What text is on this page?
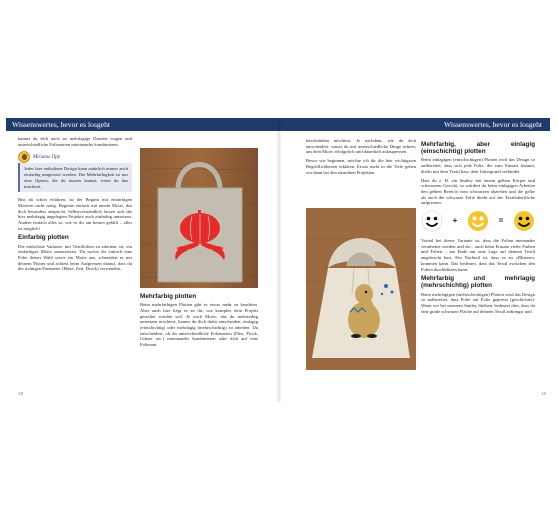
Wissenswertes, bevor es losgeht

kannst du dich auch an mehrlagige Dateien wagen und unterschiedliche Folienarten miteinander kombinieren.

Miriams Tipp
Jedes hier enthaltene Design kann natürlich immer auch einfarbig umgesetzt werden. Die Mehrfarbigkeit ist nur eine Option, die du nutzen kannst, wenn du das möchtest.

Bist du schon erfahren, ist der Beginn mit einfarbigen Motiven nicht nötig. Beginne einfach mit einem Motiv, das dich besonders anspricht. Selbstverständlich lassen sich die hier mehrlagig angelegten Projekte auch einfarbig umsetzen. Ändere einfach alles so, wie es dir am besten gefällt – alles ist möglich!

Einfarbig plotten

Die einfachste Variante, mit Textilfolien zu arbeiten, ist, ein einfarbiges Motiv umzusetzen. Du suchst dir einfach eine Folie deiner Wahl sowie ein Motiv aus, schneidest es mit deinem Plotter und achtest beim Aufpressen darauf, dass du die richtigen Parameter (Hitze, Zeit, Druck) verwendest.

Mehrfarbig plotten

Beim mehrfarbigen Plotten gibt es etwas mehr zu beachten. Aber auch hier liegt es an dir, wie komplex dein Projekt gestaltet werden soll. Je nach Motiv, das du mehrfarbig umsetzen möchtest, kannst du dich dafür entscheiden, einlagig (einschichtig) oder mehrlagig (mehrschichtig) zu arbeiten. Du entscheidest, ob du unterschiedliche Folienarten (Flex, Flock, Glitzer etc.) miteinander kombinieren oder dich auf eine Folienart

18
Wissenswertes, bevor es losgeht

beschränken möchtest. Je nachdem, wie du dich entscheidest, musst du auf unterschiedliche Dinge achten, um dein Motiv erfolgreich und dauerhaft aufzupressen.

Bevor wir beginnen, möchte ich dir die hier wichtigsten Begrifflichkeiten erklären. Etwas mehr in die Tiefe gehen wir dann bei den einzelnen Projekten.

Mehrfarbig, aber einlagig (einschichtig) plotten

Beim einlagigen (einschichtigen) Plotten wird das Design so aufbereitet, dass sich jede Folie, die zum Einsatz kommt, direkt mit dem Textil bzw. dem Untergrund verbindet.

Hast du z. B. ein Smiley mit einem gelben Körper und schwarzem Gesicht, so würdest du beim einlagigen Arbeiten den gelben Bereich vom schwarzen abziehen und die gelbe als auch die schwarze Folie direkt auf der Textiloberfläche aufpressen.

+	=

Vorteil bei dieser Variante ist, dass die Folien ineinander verarbeitet werden und du – auch beim Einsatz vieler Farben und Folien – am Ende nur eine Lage auf deinem Textil angebracht hast. Ein Nachteil ist, dass es zu »Blitzern« kommen kann. Das bedeutet, dass das Textil zwischen den Folien durchblitzen kann.

Mehrfarbig und mehrlagig (mehrschichtig) plotten

Beim mehrlagigen (mehrschichtigen) Plotten wird das Design so aufbereitet, dass Folie auf Folie gepresst (geschichtet). Wenn wir bei unserem Smiley bleiben, bedeutet dies, dass du eine große schwarze Fläche auf deinem Textil anbringst und

19
